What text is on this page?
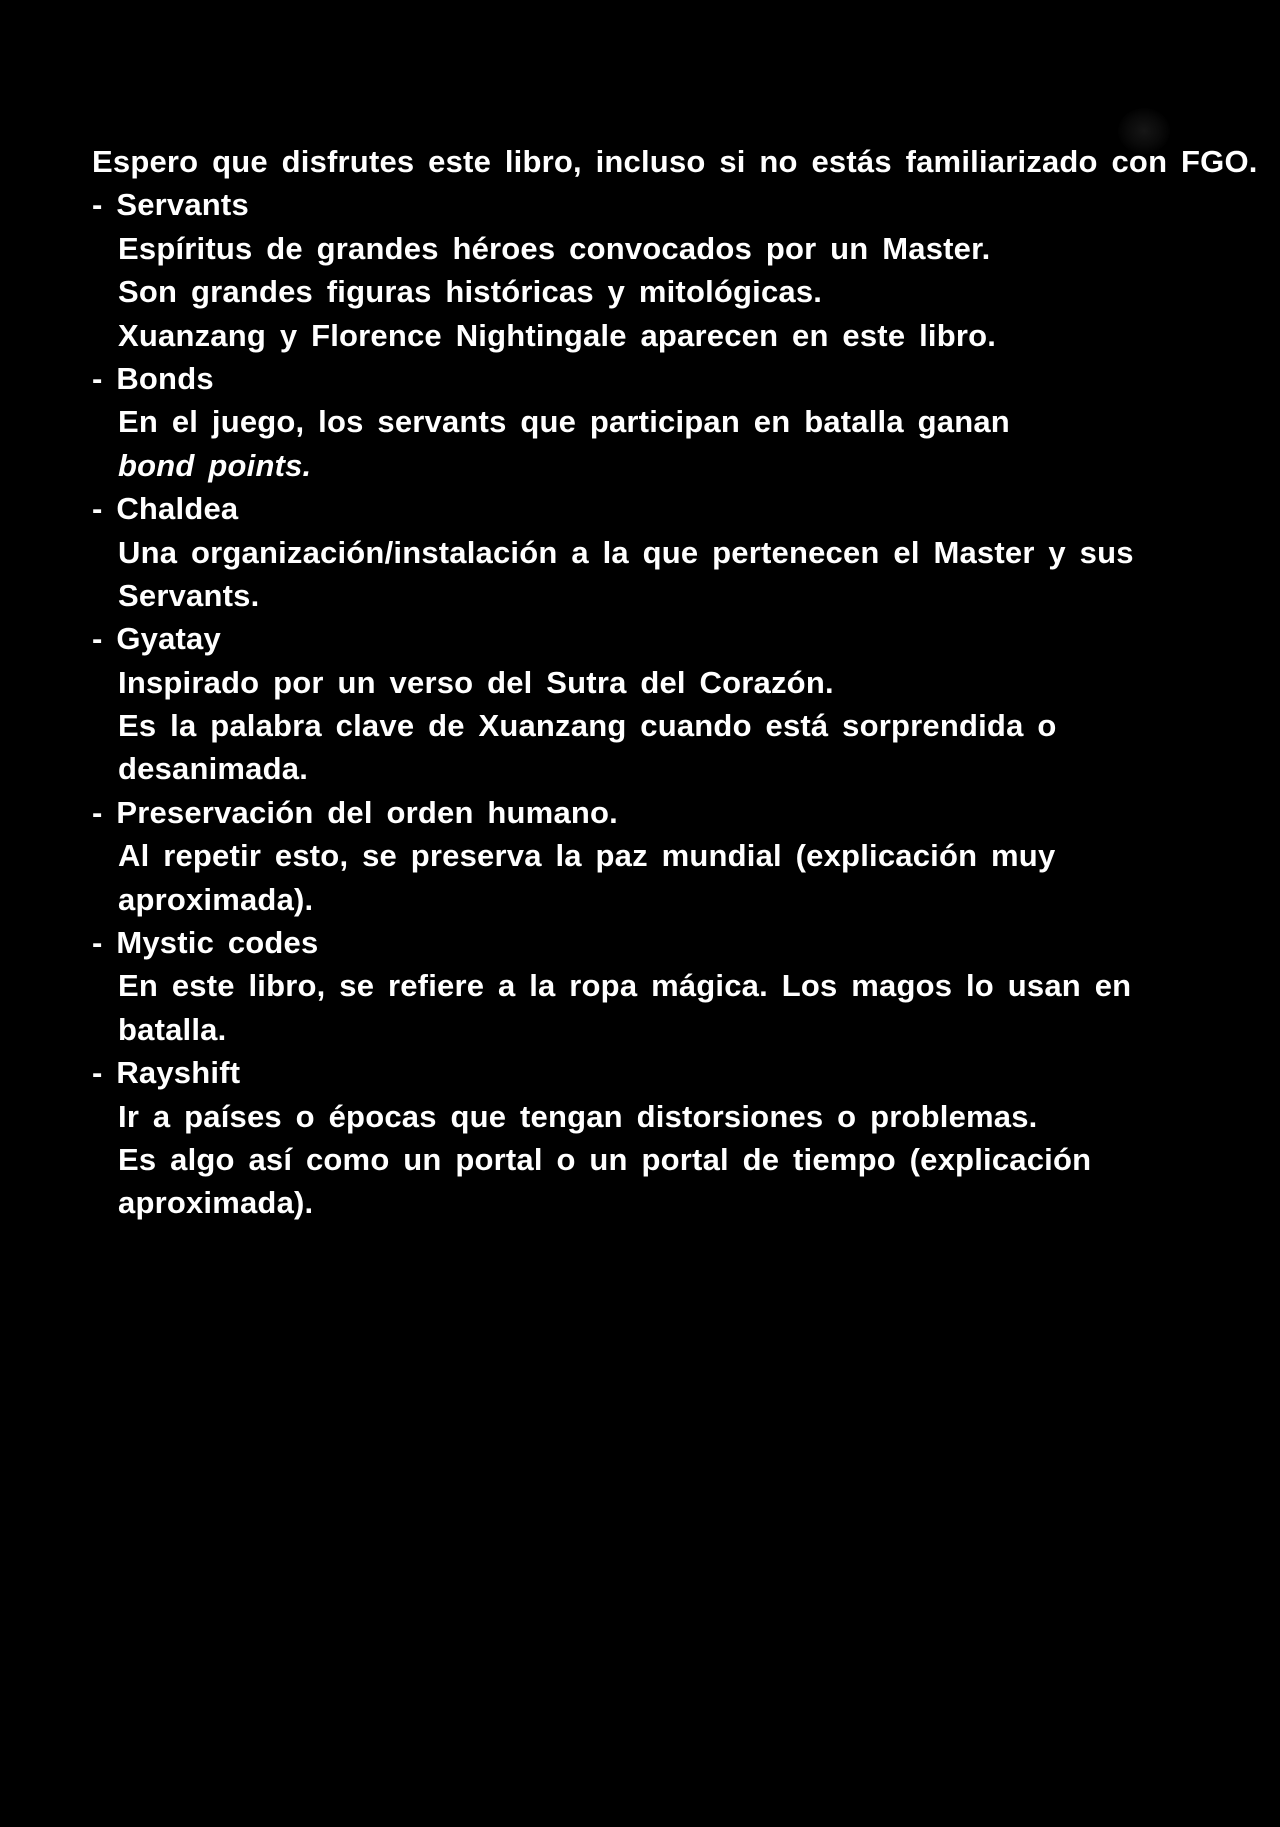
Espero que disfrutes este libro, incluso si no estás familiarizado con FGO.
- Servants
Espíritus de grandes héroes convocados por un Master.
Son grandes figuras históricas y mitológicas.
Xuanzang y Florence Nightingale aparecen en este libro.
- Bonds
En el juego, los servants que participan en batalla ganan
bond points.
- Chaldea
Una organización/instalación a la que pertenecen el Master y sus
Servants.
- Gyatay
Inspirado por un verso del Sutra del Corazón.
Es la palabra clave de Xuanzang cuando está sorprendida o
desanimada.
- Preservación del orden humano.
Al repetir esto, se preserva la paz mundial (explicación muy
aproximada).
- Mystic codes
En este libro, se refiere a la ropa mágica. Los magos lo usan en
batalla.
- Rayshift
Ir a países o épocas que tengan distorsiones o problemas.
Es algo así como un portal o un portal de tiempo (explicación
aproximada).
